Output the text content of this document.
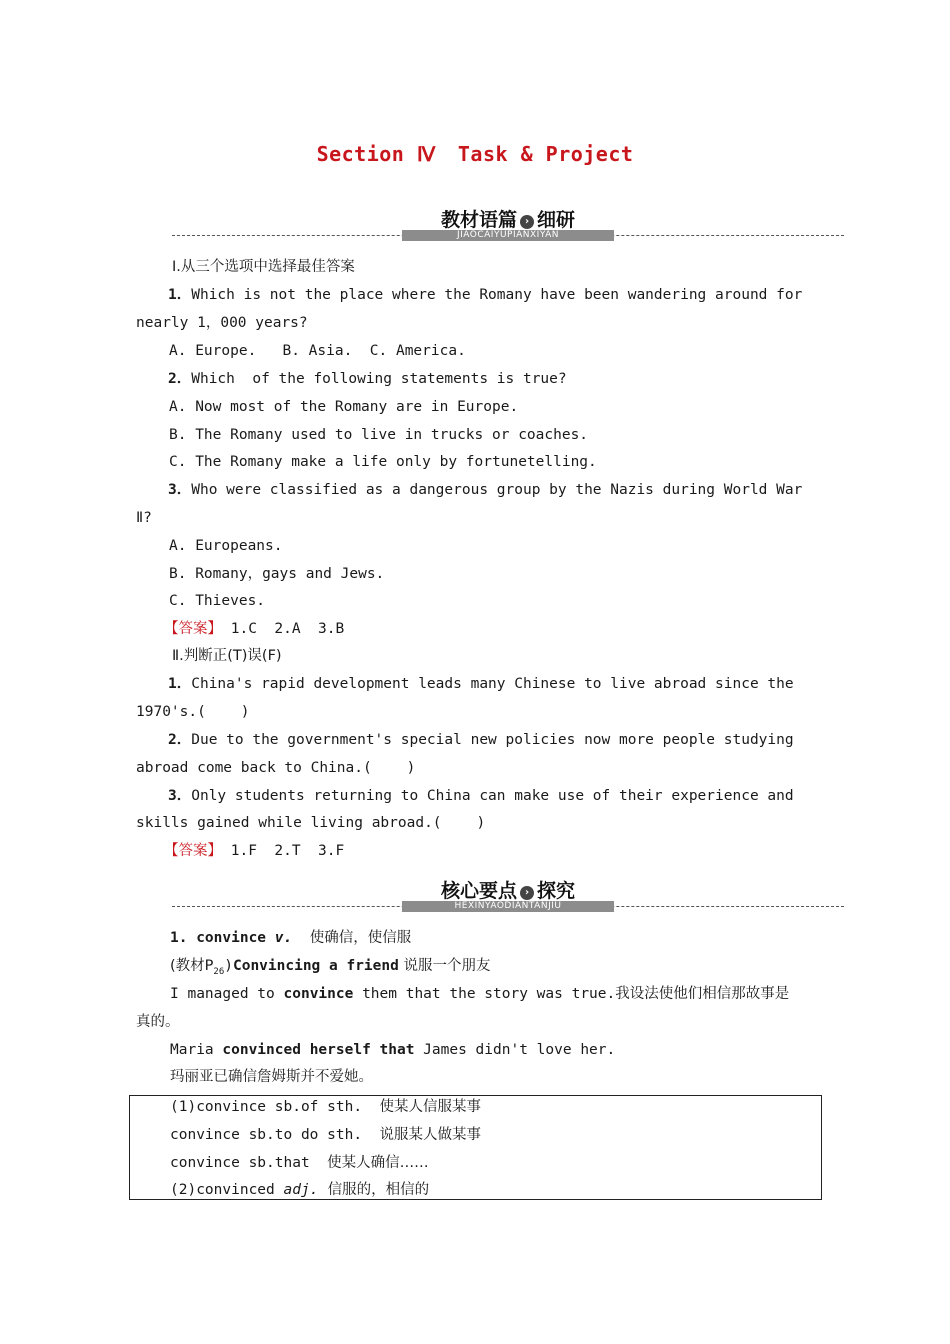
Section Ⅳ Task & Project
JIAOCAIYUPIANXIYAN
教材语篇 › 细研
Ⅰ.从三个选项中选择最佳答案
1．Which is not the place where the Romany have been wandering around for
nearly 1，000 years?
A. Europe.   B. Asia.  C. America.
2．Which  of the following statements is true?
A. Now most of the Romany are in Europe.
B. The Romany used to live in trucks or coaches.
C. The Romany make a life only by fortunetelling.
3．Who were classified as a dangerous group by the Nazis during World War
Ⅱ?
A. Europeans.
B. Romany，gays and Jews.
C. Thieves.
【答案】 1.C  2.A  3.B
Ⅱ.判断正(T)误(F)
1．China's rapid development leads many Chinese to live abroad since the
1970's.(    )
2．Due to the government's special new policies now more people studying
abroad come back to China.(    )
3．Only students returning to China can make use of their experience and
skills gained while living abroad.(    )
【答案】 1.F  2.T  3.F
HEXINYAODIANTANJIU
核心要点 › 探究
1. convince v. 使确信，使信服
(教材$P_{26})Convincing$ a friend 说服一个朋友
I managed to convince them that the story was true.我设法使他们相信那故事是
真的。
Maria convinced herself that James didn't love her.
玛丽亚已确信詹姆斯并不爱她。
(1)convince sb.of sth.  使某人信服某事
convince sb.to do sth.  说服某人做某事
convince sb.that  使某人确信……
(2)convinced adj.  信服的，相信的
